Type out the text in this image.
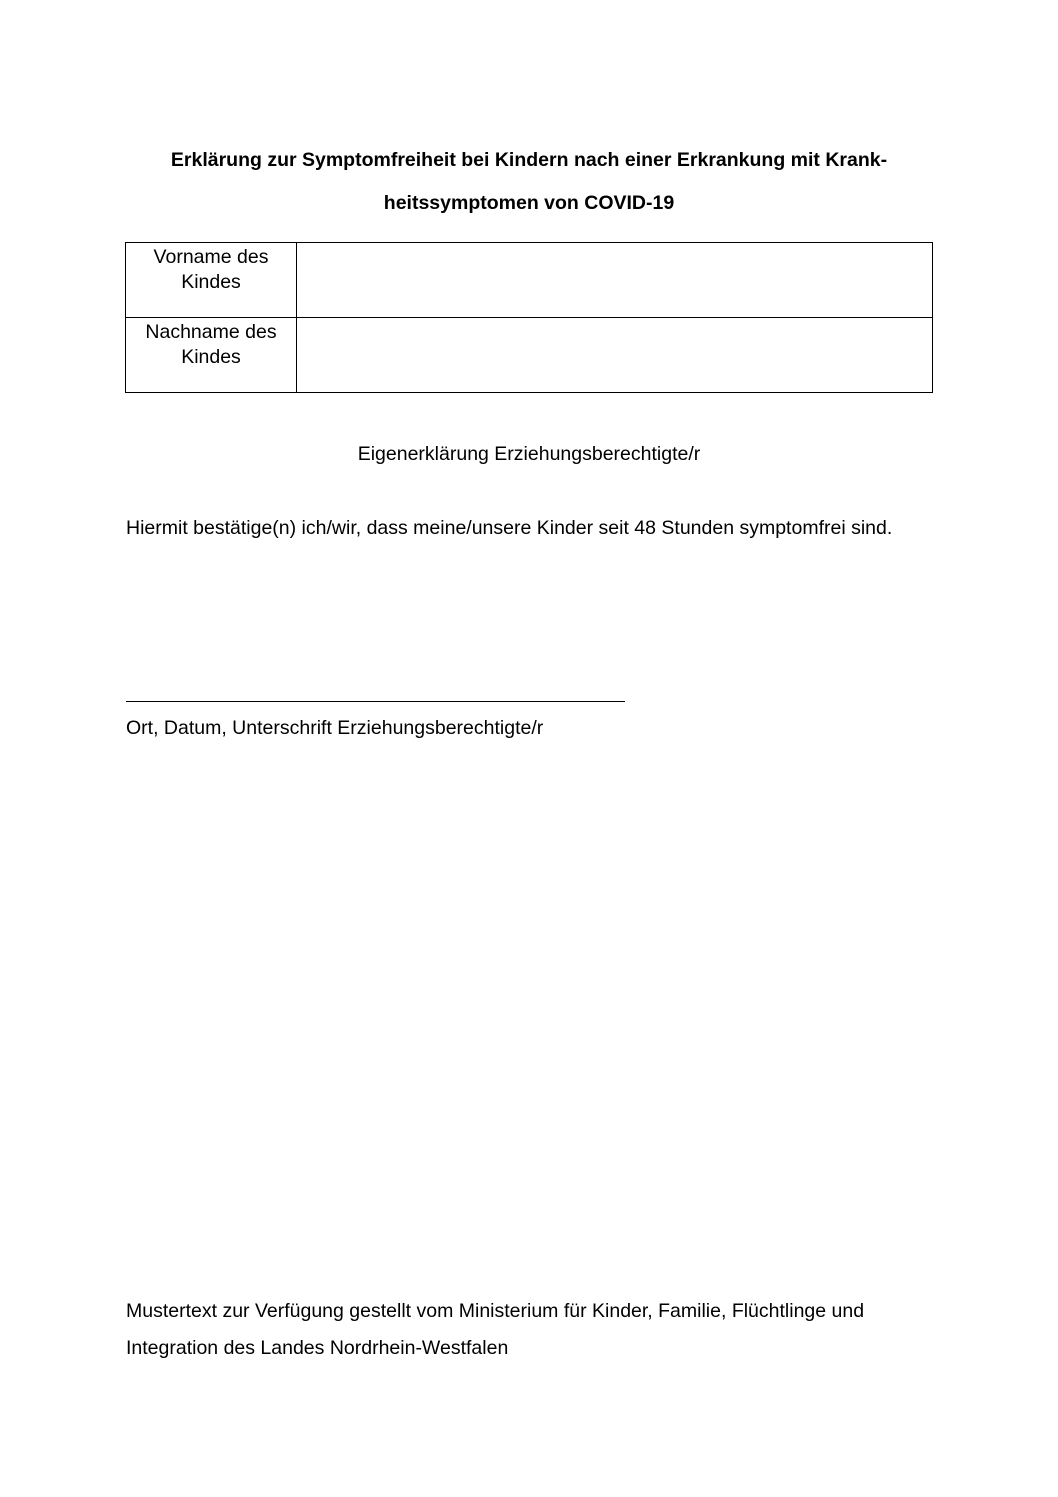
Erklärung zur Symptomfreiheit bei Kindern nach einer Erkrankung mit Krank-
heitssymptomen von COVID-19
Vorname des
Kindes	

Nachname des
Kindes	

Eigenerklärung Erziehungsberechtigte/r

Hiermit bestätige(n) ich/wir, dass meine/unsere Kinder seit 48 Stunden symptomfrei sind.

Ort, Datum, Unterschrift Erziehungsberechtigte/r

Mustertext zur Verfügung gestellt vom Ministerium für Kinder, Familie, Flüchtlinge und
Integration des Landes Nordrhein-Westfalen
